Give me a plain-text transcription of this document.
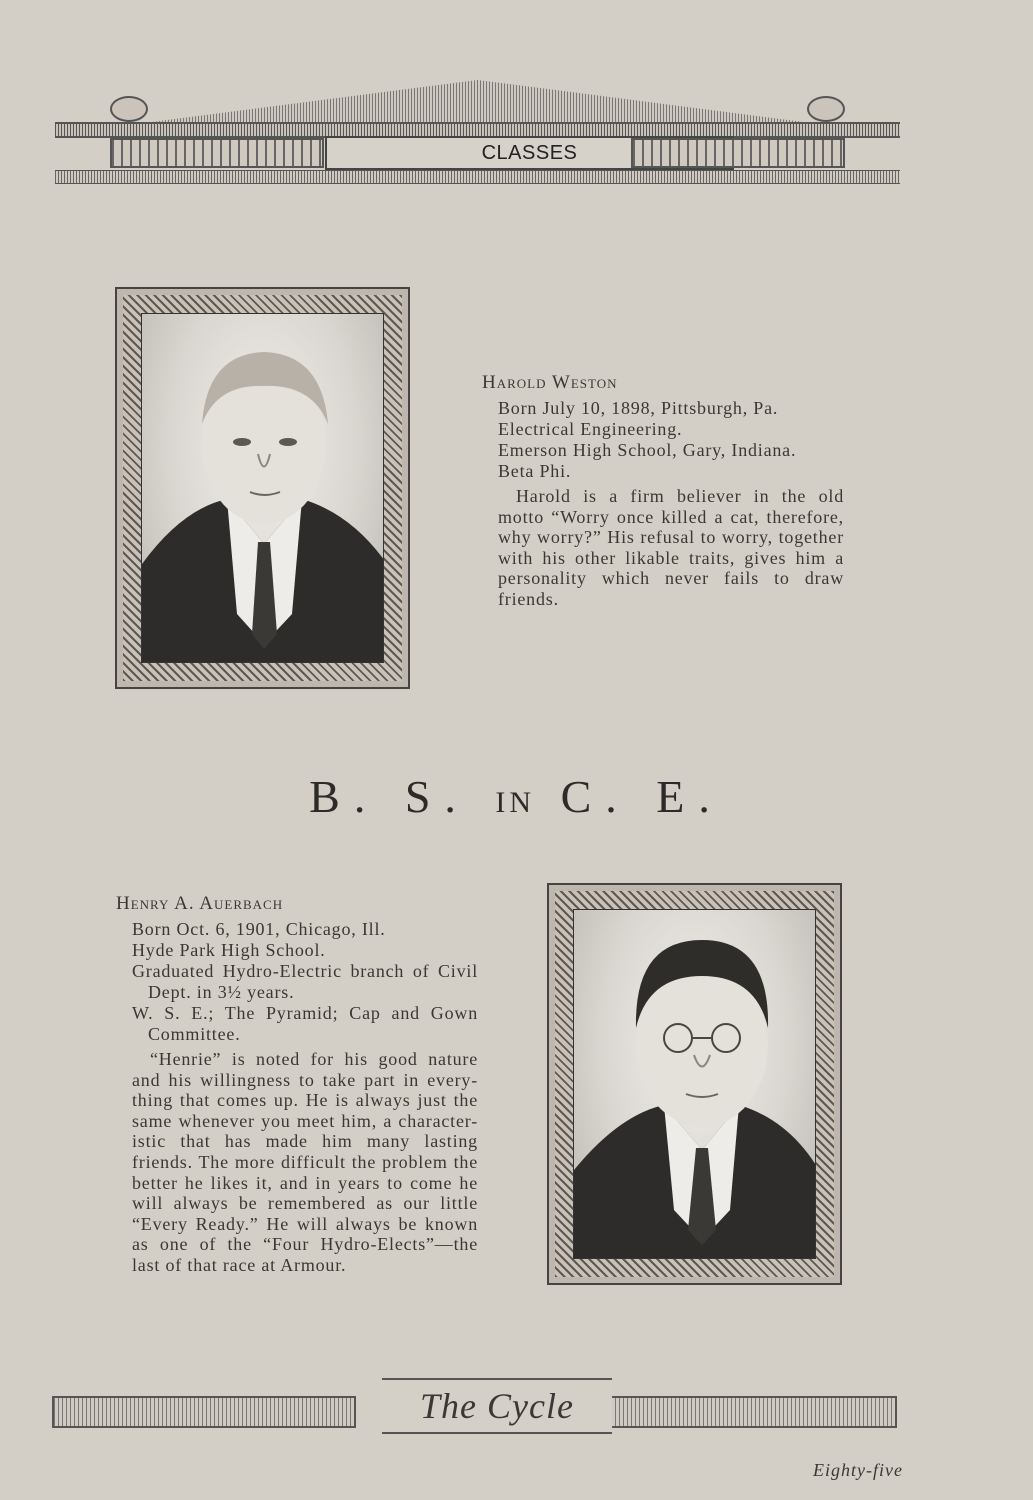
CLASSES
Harold Weston

Born July 10, 1898, Pittsburgh, Pa.

Electrical Engineering.

Emerson High School, Gary, Indiana.

Beta Phi.

Harold is a firm believer in the old motto “Worry once killed a cat, therefore, why worry?” His refusal to worry, together with his other likable traits, gives him a personality which never fails to draw friends.

B. S. IN C. E.
Henry A. Auerbach

Born Oct. 6, 1901, Chicago, Ill.

Hyde Park High School.

Graduated Hydro-Electric branch of Civil Dept. in 3½ years.

W. S. E.; The Pyramid; Cap and Gown Committee.

“Henrie” is noted for his good nature and his willingness to take part in every-thing that comes up. He is always just the same whenever you meet him, a character-istic that has made him many lasting friends. The more difficult the problem the better he likes it, and in years to come he will always be remembered as our little “Every Ready.” He will always be known as one of the “Four Hydro-Elects”—the last of that race at Armour.

The Cycle
Eighty-five
